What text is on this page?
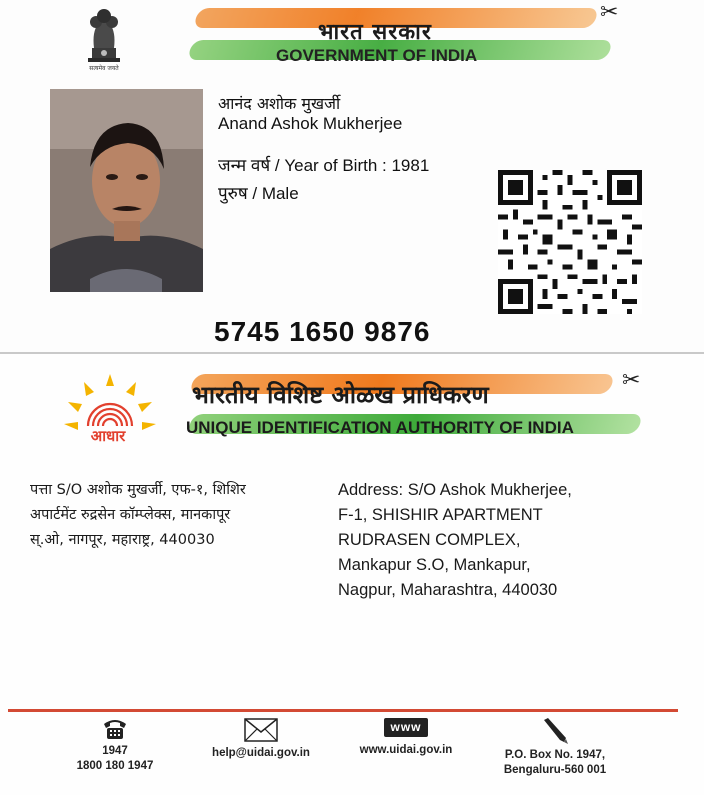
सत्यमेव जयते
✂
भारत सरकार
GOVERNMENT OF INDIA
आनंद अशोक मुखर्जी
Anand Ashok Mukherjee
जन्म वर्ष / Year of Birth : 1981
पुरुष / Male
5745 1650 9876
आधार
✂
भारतीय विशिष्ट ओळख प्राधिकरण
UNIQUE IDENTIFICATION AUTHORITY OF INDIA
पत्ता S/O अशोक मुखर्जी, एफ-१, शिशिर
अपार्टमेंट रुद्रसेन कॉम्प्लेक्स, मानकापूर
स्.ओ, नागपूर, महाराष्ट्र, 440030
Address: S/O Ashok Mukherjee,
F-1, SHISHIR APARTMENT
RUDRASEN COMPLEX,
Mankapur S.O, Mankapur,
Nagpur, Maharashtra, 440030
1947
1800 180 1947
help@uidai.gov.in
www
www.uidai.gov.in	P.O. Box No. 1947,
Bengaluru-560 001
